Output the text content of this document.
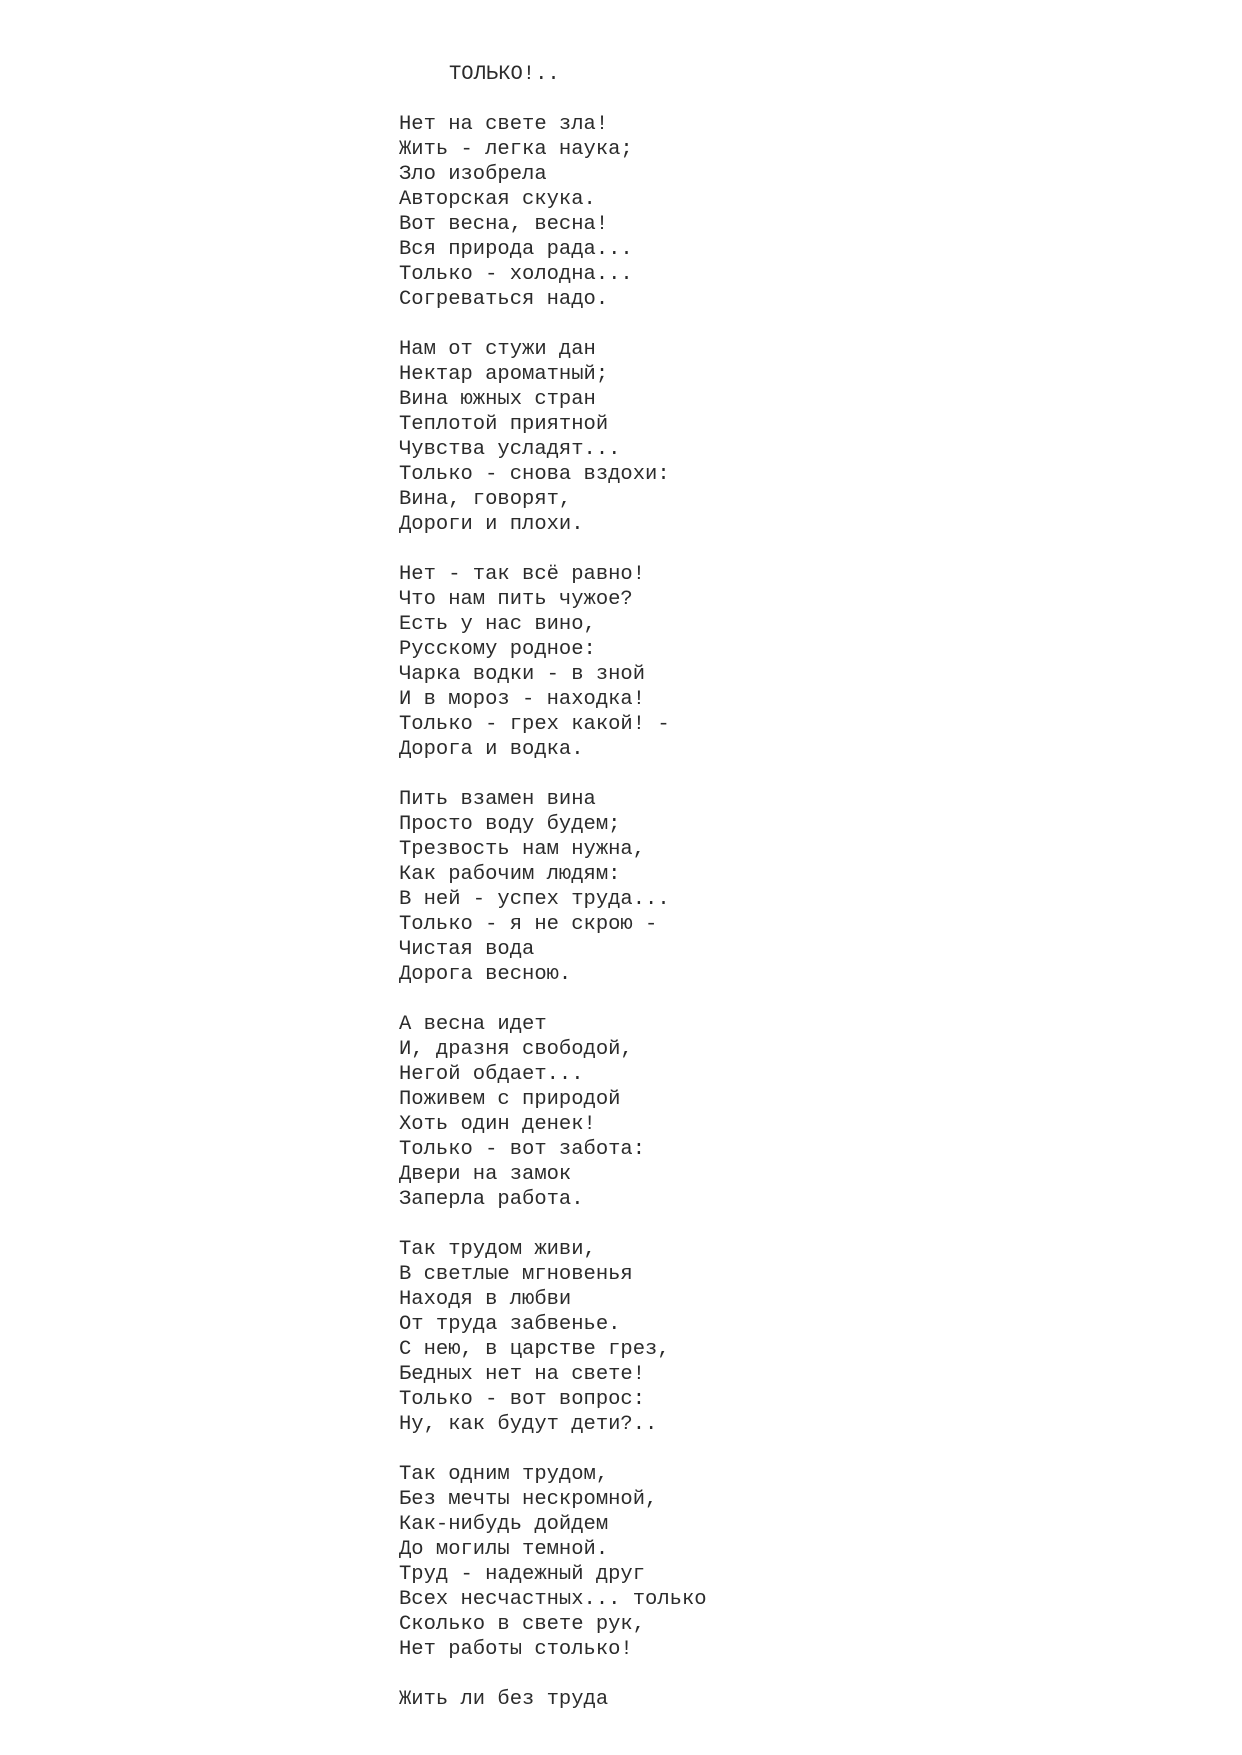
ТОЛЬКО!..
Нет на свете зла!
Жить - легка наука;
Зло изобрела
Авторская скука.
Вот весна, весна!
Вся природа рада...
Только - холодна...
Согреваться надо.
Нам от стужи дан
Нектар ароматный;
Вина южных стран
Теплотой приятной
Чувства усладят...
Только - снова вздохи:
Вина, говорят,
Дороги и плохи.
Нет - так всё равно!
Что нам пить чужое?
Есть у нас вино,
Русскому родное:
Чарка водки - в зной
И в мороз - находка!
Только - грех какой! -
Дорога и водка.
Пить взамен вина
Просто воду будем;
Трезвость нам нужна,
Как рабочим людям:
В ней - успех труда...
Только - я не скрою -
Чистая вода
Дорога весною.
А весна идет
И, дразня свободой,
Негой обдает...
Поживем с природой
Хоть один денек!
Только - вот забота:
Двери на замок
Заперла работа.
Так трудом живи,
В светлые мгновенья
Находя в любви
От труда забвенье.
С нею, в царстве грез,
Бедных нет на свете!
Только - вот вопрос:
Ну, как будут дети?..
Так одним трудом,
Без мечты нескромной,
Как-нибудь дойдем
До могилы темной.
Труд - надежный друг
Всех несчастных... только
Сколько в свете рук,
Нет работы столько!
Жить ли без труда
